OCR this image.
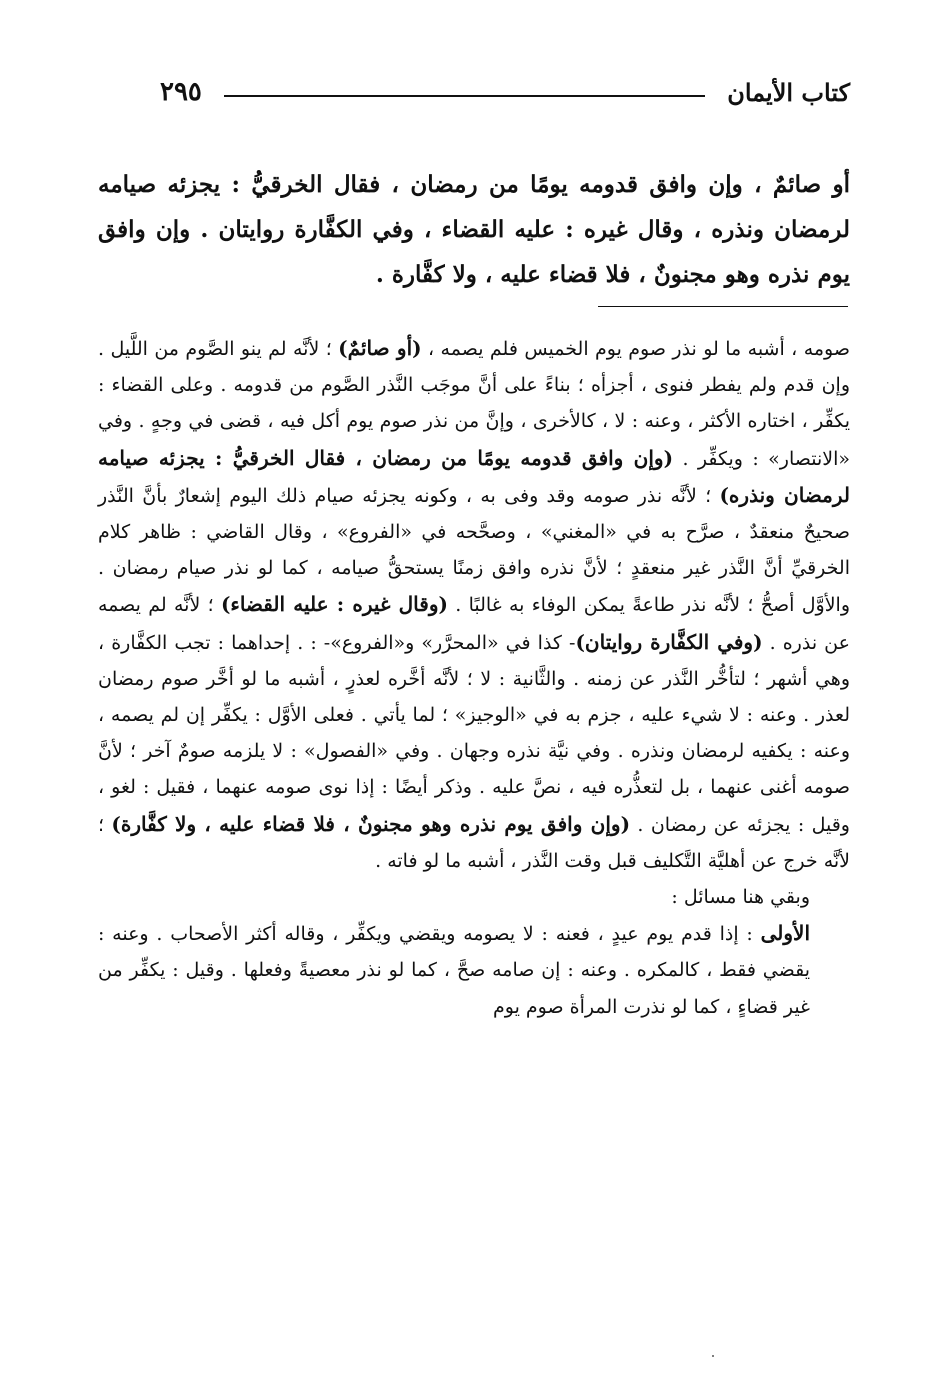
كتاب الأيمان
٢٩٥

أو صائمٌ ، وإن وافق قدومه يومًا من رمضان ، فقال الخرقيُّ : يجزئه صيامه لرمضان ونذره ، وقال غيره : عليه القضاء ، وفي الكفَّارة روايتان . وإن وافق يوم نذره وهو مجنونٌ ، فلا قضاء عليه ، ولا كفَّارة .

صومه ، أشبه ما لو نذر صوم يوم الخميس فلم يصمه ، (أو صائمٌ) ؛ لأنَّه لم ينو الصَّوم من اللَّيل . وإن قدم ولم يفطر فنوى ، أجزأه ؛ بناءً على أنَّ موجَب النَّذر الصَّوم من قدومه . وعلى القضاء : يكفِّر ، اختاره الأكثر ، وعنه : لا ، كالأخرى ، وإنَّ من نذر صوم يوم أكل فيه ، قضى في وجهٍ . وفي «الانتصار» : ويكفِّر . (وإن وافق قدومه يومًا من رمضان ، فقال الخرقيُّ : يجزئه صيامه لرمضان ونذره) ؛ لأنَّه نذر صومه وقد وفى به ، وكونه يجزئه صيام ذلك اليوم إشعارٌ بأنَّ النَّذر صحيحٌ منعقدٌ ، صرَّح به في «المغني» ، وصحَّحه في «الفروع» ، وقال القاضي : ظاهر كلام الخرقيِّ أنَّ النَّذر غير منعقدٍ ؛ لأنَّ نذره وافق زمنًا يستحقُّ صيامه ، كما لو نذر صيام رمضان . والأوَّل أصحُّ ؛ لأنَّه نذر طاعةً يمكن الوفاء به غالبًا . (وقال غيره : عليه القضاء) ؛ لأنَّه لم يصمه عن نذره . (وفي الكفَّارة روايتان)- كذا في «المحرَّر» و«الفروع»- : . إحداهما : تجب الكفَّارة ، وهي أشهر ؛ لتأخُّر النَّذر عن زمنه . والثَّانية : لا ؛ لأنَّه أخَّره لعذرٍ ، أشبه ما لو أخَّر صوم رمضان لعذر . وعنه : لا شيء عليه ، جزم به في «الوجيز» ؛ لما يأتي . فعلى الأوَّل : يكفِّر إن لم يصمه ، وعنه : يكفيه لرمضان ونذره . وفي نيَّة نذره وجهان . وفي «الفصول» : لا يلزمه صومٌ آخر ؛ لأنَّ صومه أغنى عنهما ، بل لتعذُّره فيه ، نصَّ عليه . وذكر أيضًا : إذا نوى صومه عنهما ، فقيل : لغو ، وقيل : يجزئه عن رمضان . (وإن وافق يوم نذره وهو مجنونٌ ، فلا قضاء عليه ، ولا كفَّارة) ؛ لأنَّه خرج عن أهليَّة التَّكليف قبل وقت النَّذر ، أشبه ما لو فاته .

وبقي هنا مسائل :

الأولى : إذا قدم يوم عيدٍ ، فعنه : لا يصومه ويقضي ويكفِّر ، وقاله أكثر الأصحاب . وعنه : يقضي فقط ، كالمكره . وعنه : إن صامه صحَّ ، كما لو نذر معصيةً وفعلها . وقيل : يكفِّر من غير قضاءٍ ، كما لو نذرت المرأة صوم يوم
